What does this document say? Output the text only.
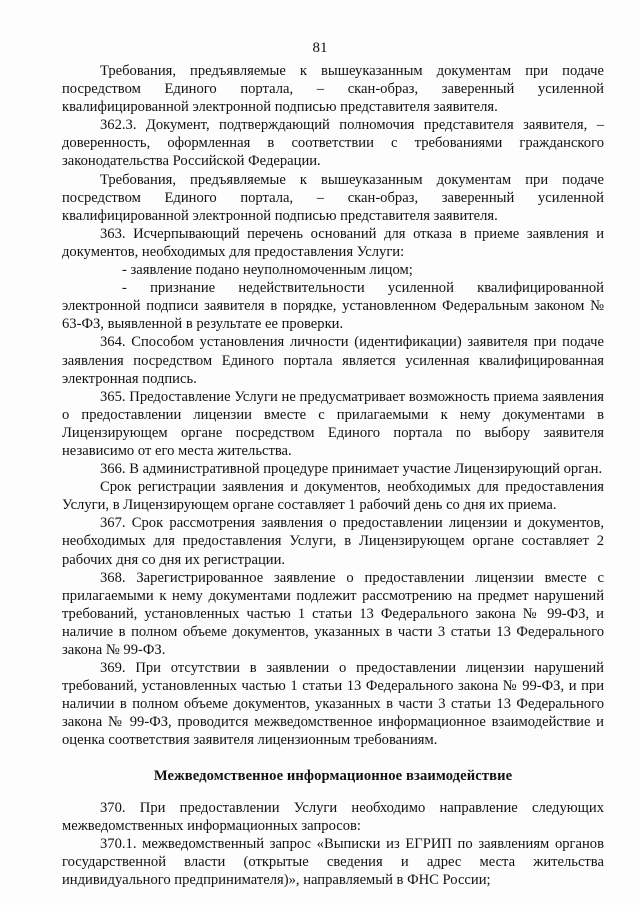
81

Требования, предъявляемые к вышеуказанным документам при подаче посредством Единого портала, – скан-образ, заверенный усиленной квалифицированной электронной подписью представителя заявителя.

362.3. Документ, подтверждающий полномочия представителя заявителя, – доверенность, оформленная в соответствии с требованиями гражданского законодательства Российской Федерации.

Требования, предъявляемые к вышеуказанным документам при подаче посредством Единого портала, – скан-образ, заверенный усиленной квалифицированной электронной подписью представителя заявителя.

363. Исчерпывающий перечень оснований для отказа в приеме заявления и документов, необходимых для предоставления Услуги:

- заявление подано неуполномоченным лицом;

- признание недействительности усиленной квалифицированной электронной подписи заявителя в порядке, установленном Федеральным законом № 63-ФЗ, выявленной в результате ее проверки.

364. Способом установления личности (идентификации) заявителя при подаче заявления посредством Единого портала является усиленная квалифицированная электронная подпись.

365. Предоставление Услуги не предусматривает возможность приема заявления о предоставлении лицензии вместе с прилагаемыми к нему документами в Лицензирующем органе посредством Единого портала по выбору заявителя независимо от его места жительства.

366. В административной процедуре принимает участие Лицензирующий орган.

Срок регистрации заявления и документов, необходимых для предоставления Услуги, в Лицензирующем органе составляет 1 рабочий день со дня их приема.

367. Срок рассмотрения заявления о предоставлении лицензии и документов, необходимых для предоставления Услуги, в Лицензирующем органе составляет 2 рабочих дня со дня их регистрации.

368. Зарегистрированное заявление о предоставлении лицензии вместе с прилагаемыми к нему документами подлежит рассмотрению на предмет нарушений требований, установленных частью 1 статьи 13 Федерального закона № 99-ФЗ, и наличие в полном объеме документов, указанных в части 3 статьи 13 Федерального закона № 99-ФЗ.

369. При отсутствии в заявлении о предоставлении лицензии нарушений требований, установленных частью 1 статьи 13 Федерального закона № 99-ФЗ, и при наличии в полном объеме документов, указанных в части 3 статьи 13 Федерального закона № 99-ФЗ, проводится межведомственное информационное взаимодействие и оценка соответствия заявителя лицензионным требованиям.

Межведомственное информационное взаимодействие

370. При предоставлении Услуги необходимо направление следующих межведомственных информационных запросов:

370.1. межведомственный запрос «Выписки из ЕГРИП по заявлениям органов государственной власти (открытые сведения и адрес места жительства индивидуального предпринимателя)», направляемый в ФНС России;
